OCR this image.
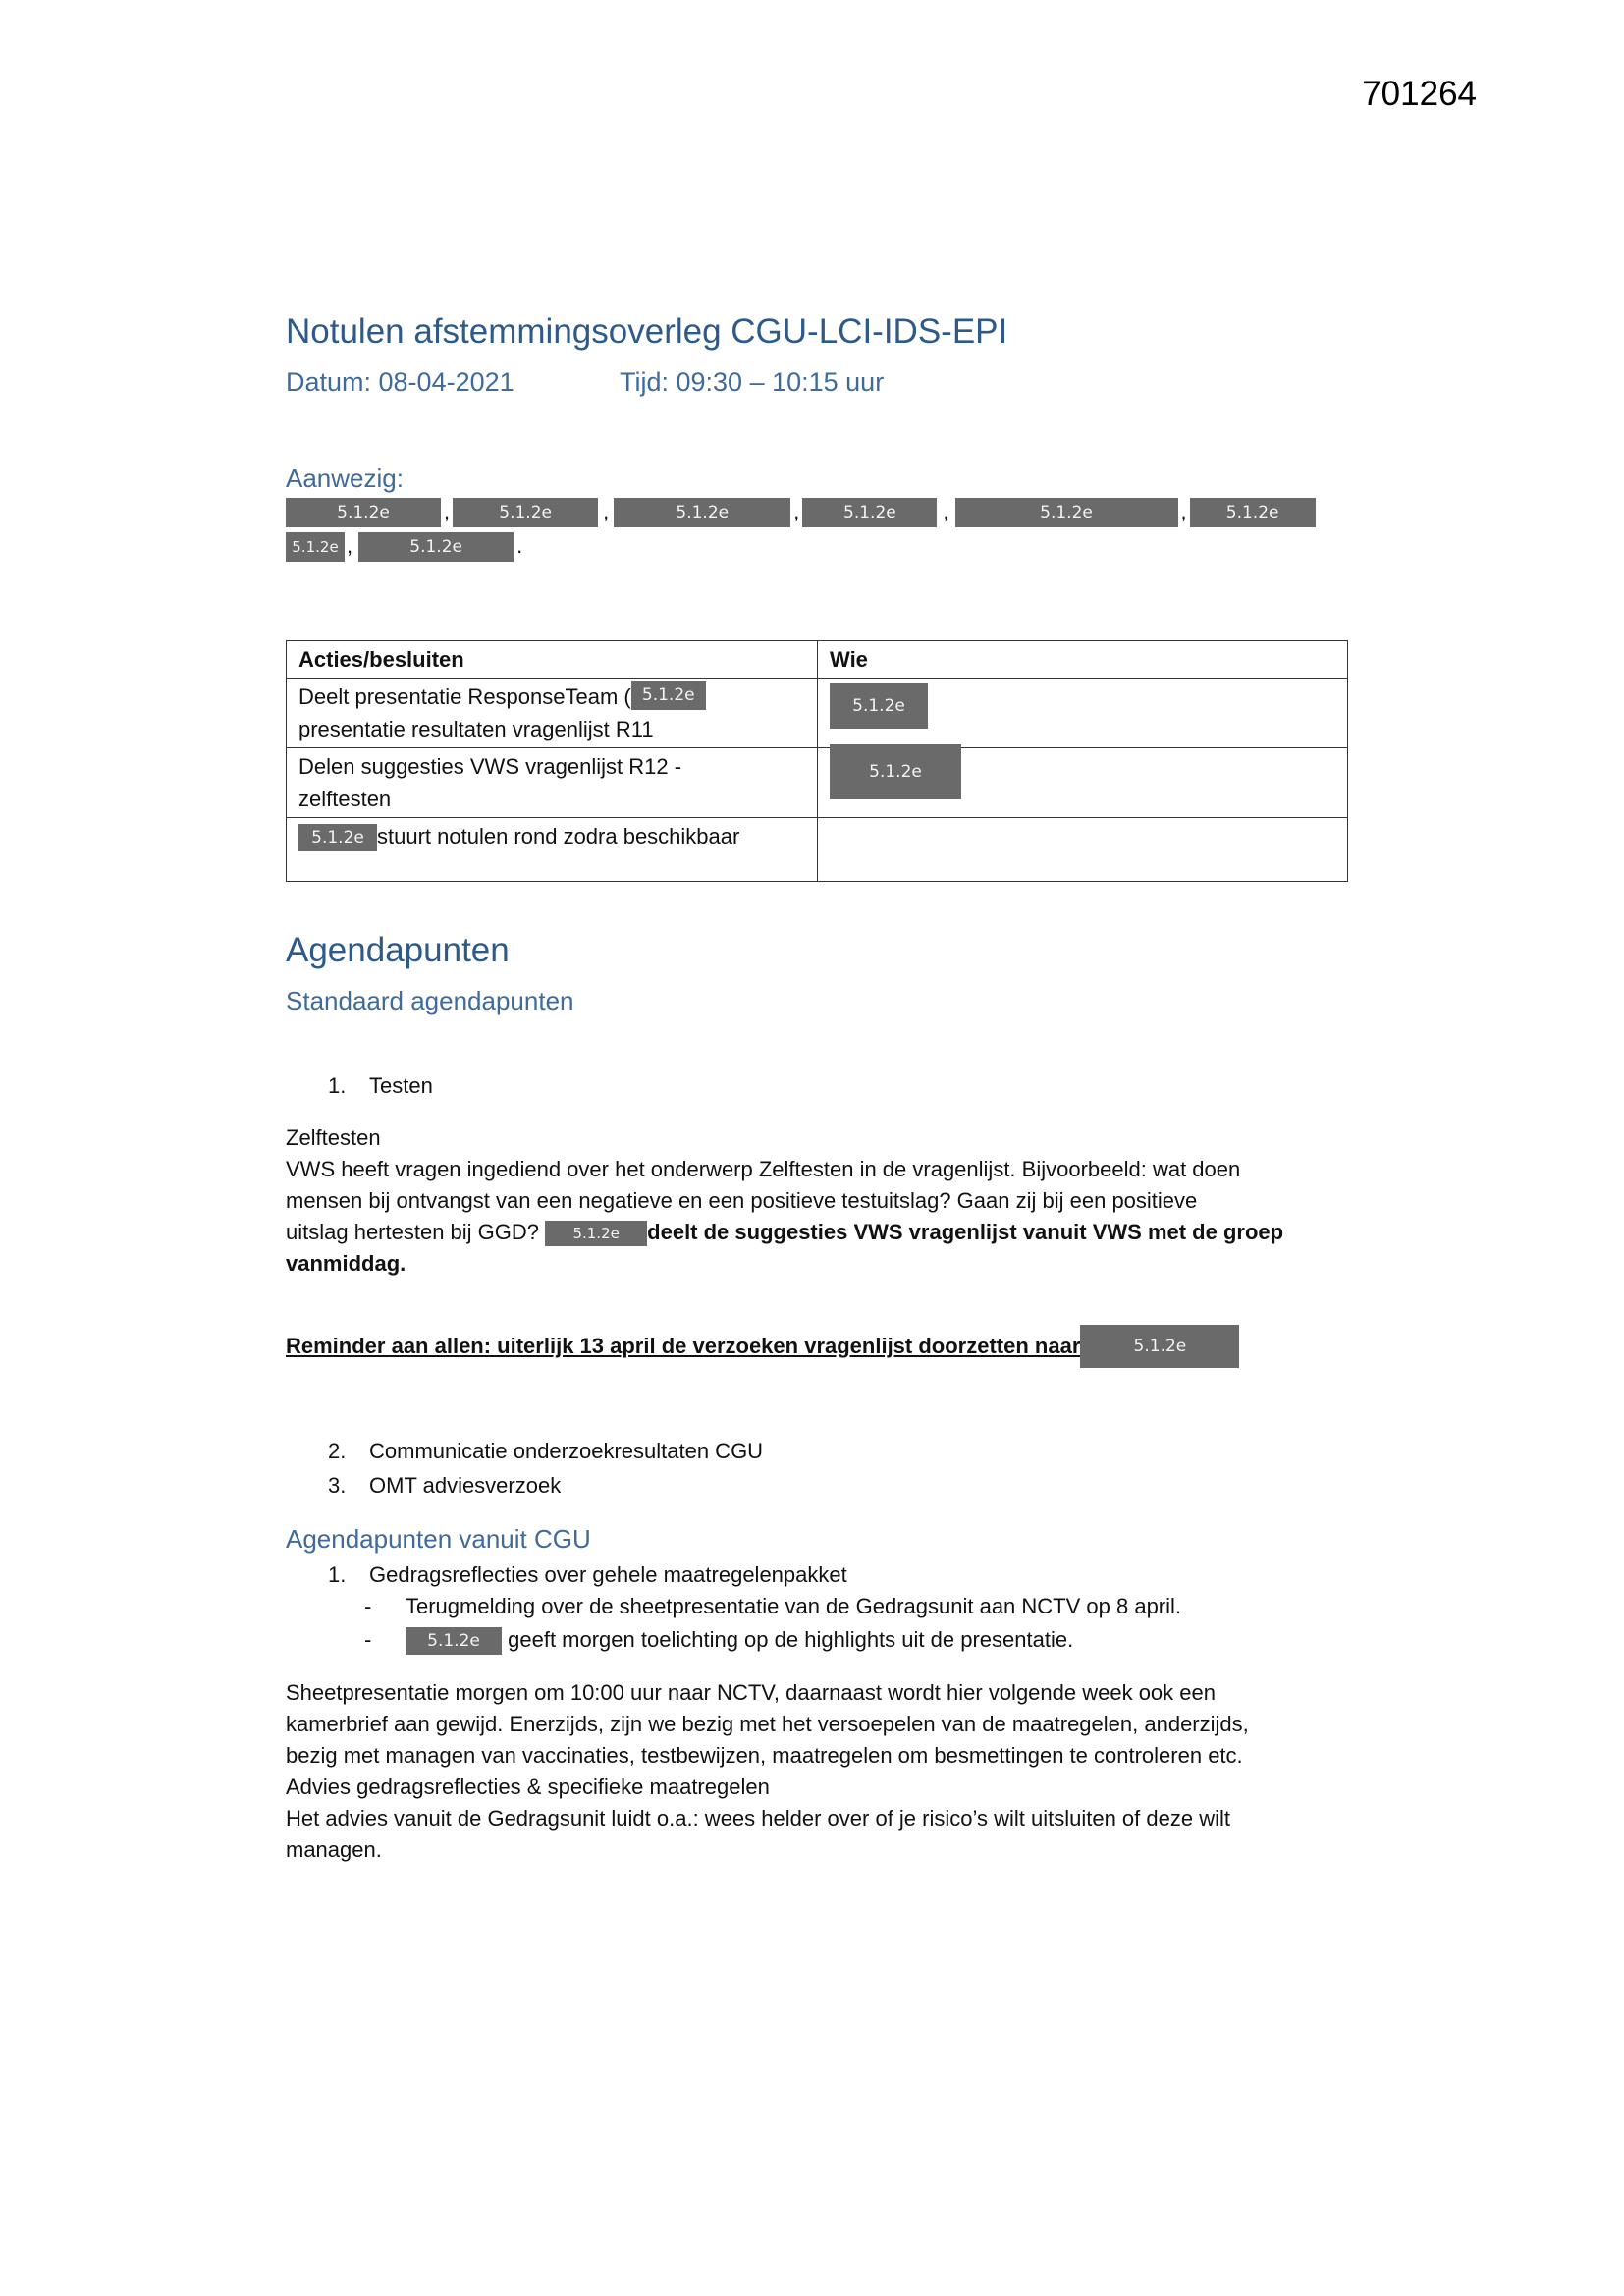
701264
Notulen afstemmingsoverleg CGU-LCI-IDS-EPI
Datum: 08-04-2021	Tijd: 09:30 – 10:15 uur
Aanwezig:
5.1.2e	,	5.1.2e ,	5.1.2e	,	5.1.2e ,	5.1.2e	, 5.1.2e
5.1.2e ,	5.1.2e	.
Acties/besluiten	Wie
Deelt presentatie ResponseTeam ( 5.1.2e
presentatie resultaten vragenlijst R11	5.1.2e
Delen suggesties VWS vragenlijst R12 -
zelftesten	5.1.2e
5.1.2e stuurt notulen rond zodra beschikbaar	
Agendapunten
Standaard agendapunten
1. Testen
Zelftesten
VWS heeft vragen ingediend over het onderwerp Zelftesten in de vragenlijst. Bijvoorbeeld: wat doen
mensen bij ontvangst van een negatieve en een positieve testuitslag? Gaan zij bij een positieve
uitslag hertesten bij GGD? 5.1.2e deelt de suggesties VWS vragenlijst vanuit VWS met de groep
vanmiddag.
Reminder aan allen: uiterlijk 13 april de verzoeken vragenlijst doorzetten naar	5.1.2e
2. Communicatie onderzoekresultaten CGU
3. OMT adviesverzoek
Agendapunten vanuit CGU
1. Gedragsreflecties over gehele maatregelenpakket
- Terugmelding over de sheetpresentatie van de Gedragsunit aan NCTV op 8 april.
-	5.1.2e geeft morgen toelichting op de highlights uit de presentatie.
Sheetpresentatie morgen om 10:00 uur naar NCTV, daarnaast wordt hier volgende week ook een
kamerbrief aan gewijd. Enerzijds, zijn we bezig met het versoepelen van de maatregelen, anderzijds,
bezig met managen van vaccinaties, testbewijzen, maatregelen om besmettingen te controleren etc.
Advies gedragsreflecties & specifieke maatregelen
Het advies vanuit de Gedragsunit luidt o.a.: wees helder over of je risico’s wilt uitsluiten of deze wilt
managen.
